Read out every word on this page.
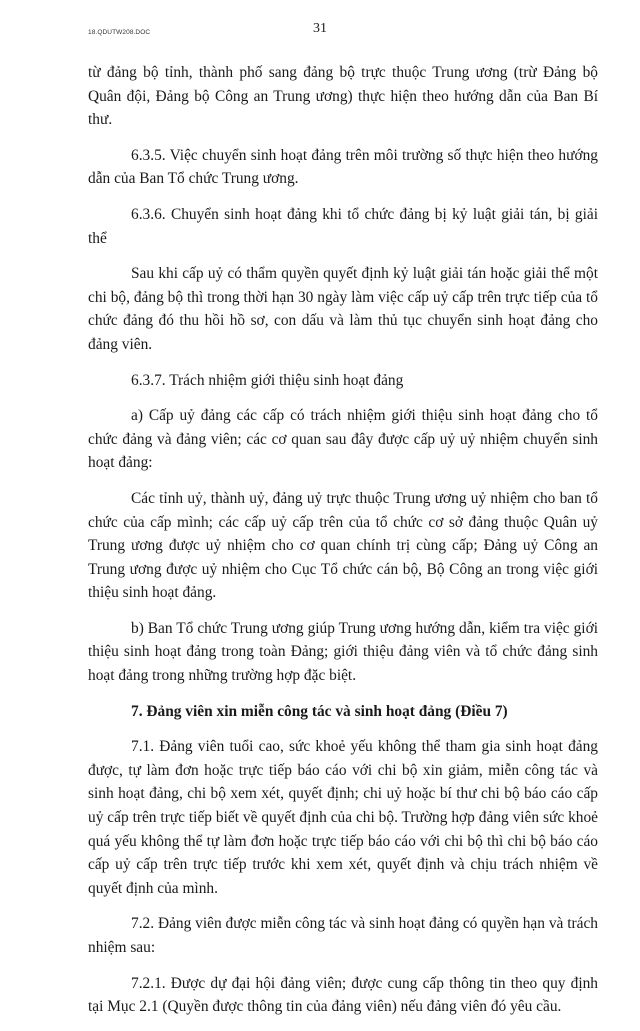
18.QDUTW208.DOC	31

từ đảng bộ tỉnh, thành phố sang đảng bộ trực thuộc Trung ương (trừ Đảng bộ Quân đội, Đảng bộ Công an Trung ương) thực hiện theo hướng dẫn của Ban Bí thư.

6.3.5. Việc chuyển sinh hoạt đảng trên môi trường số thực hiện theo hướng dẫn của Ban Tổ chức Trung ương.

6.3.6. Chuyển sinh hoạt đảng khi tổ chức đảng bị kỷ luật giải tán, bị giải thể

Sau khi cấp uỷ có thẩm quyền quyết định kỷ luật giải tán hoặc giải thể một chi bộ, đảng bộ thì trong thời hạn 30 ngày làm việc cấp uỷ cấp trên trực tiếp của tổ chức đảng đó thu hồi hồ sơ, con dấu và làm thủ tục chuyển sinh hoạt đảng cho đảng viên.

6.3.7. Trách nhiệm giới thiệu sinh hoạt đảng

a) Cấp uỷ đảng các cấp có trách nhiệm giới thiệu sinh hoạt đảng cho tổ chức đảng và đảng viên; các cơ quan sau đây được cấp uỷ uỷ nhiệm chuyển sinh hoạt đảng:

Các tỉnh uỷ, thành uỷ, đảng uỷ trực thuộc Trung ương uỷ nhiệm cho ban tổ chức của cấp mình; các cấp uỷ cấp trên của tổ chức cơ sở đảng thuộc Quân uỷ Trung ương được uỷ nhiệm cho cơ quan chính trị cùng cấp; Đảng uỷ Công an Trung ương được uỷ nhiệm cho Cục Tổ chức cán bộ, Bộ Công an trong việc giới thiệu sinh hoạt đảng.

b) Ban Tổ chức Trung ương giúp Trung ương hướng dẫn, kiểm tra việc giới thiệu sinh hoạt đảng trong toàn Đảng; giới thiệu đảng viên và tổ chức đảng sinh hoạt đảng trong những trường hợp đặc biệt.

7. Đảng viên xin miễn công tác và sinh hoạt đảng (Điều 7)

7.1. Đảng viên tuổi cao, sức khoẻ yếu không thể tham gia sinh hoạt đảng được, tự làm đơn hoặc trực tiếp báo cáo với chi bộ xin giảm, miễn công tác và sinh hoạt đảng, chi bộ xem xét, quyết định; chi uỷ hoặc bí thư chi bộ báo cáo cấp uỷ cấp trên trực tiếp biết về quyết định của chi bộ. Trường hợp đảng viên sức khoẻ quá yếu không thể tự làm đơn hoặc trực tiếp báo cáo với chi bộ thì chi bộ báo cáo cấp uỷ cấp trên trực tiếp trước khi xem xét, quyết định và chịu trách nhiệm về quyết định của mình.

7.2. Đảng viên được miễn công tác và sinh hoạt đảng có quyền hạn và trách nhiệm sau:

7.2.1. Được dự đại hội đảng viên; được cung cấp thông tin theo quy định tại Mục 2.1 (Quyền được thông tin của đảng viên) nếu đảng viên đó yêu cầu.
